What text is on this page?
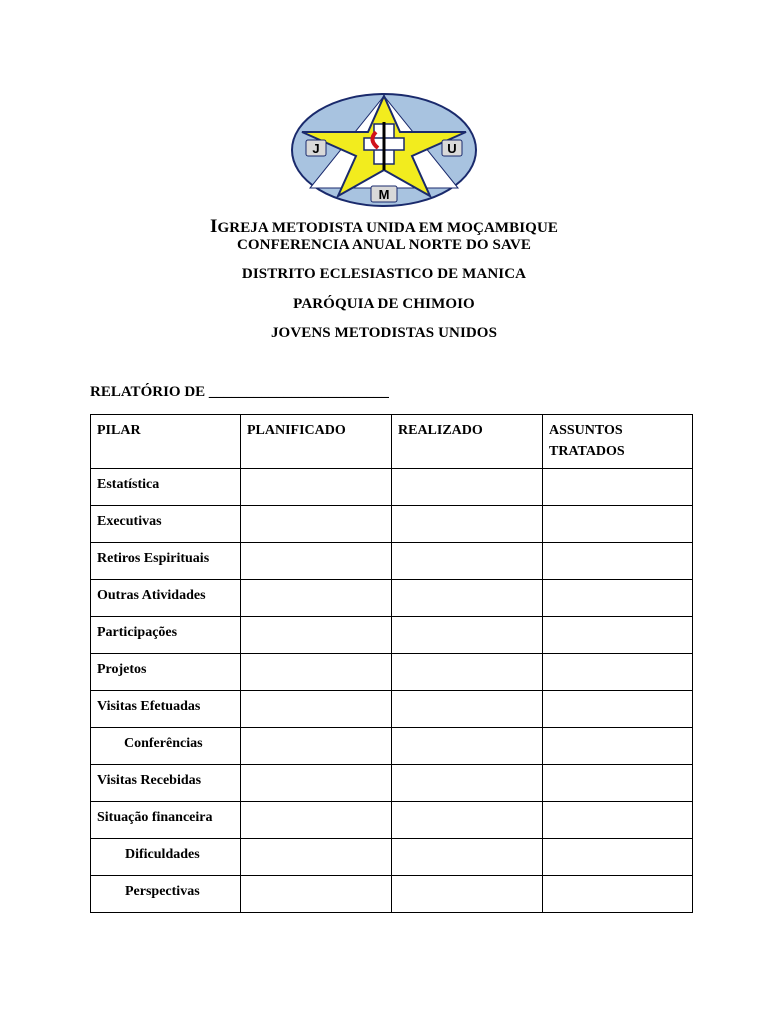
J	U
M
IGREJA METODISTA UNIDA EM MOÇAMBIQUE
CONFERENCIA ANUAL NORTE DO SAVE
DISTRITO ECLESIASTICO DE MANICA
PARÓQUIA DE CHIMOIO
JOVENS METODISTAS UNIDOS
RELATÓRIO DE ________________________
PILAR	PLANIFICADO	REALIZADO	ASSUNTOS TRATADOS
Estatística			
Executivas			
Retiros Espirituais			
Outras Atividades			
Participações			
Projetos			
Visitas Efetuadas			
Conferências			
Visitas Recebidas			
Situação financeira			
Dificuldades			
Perspectivas			
